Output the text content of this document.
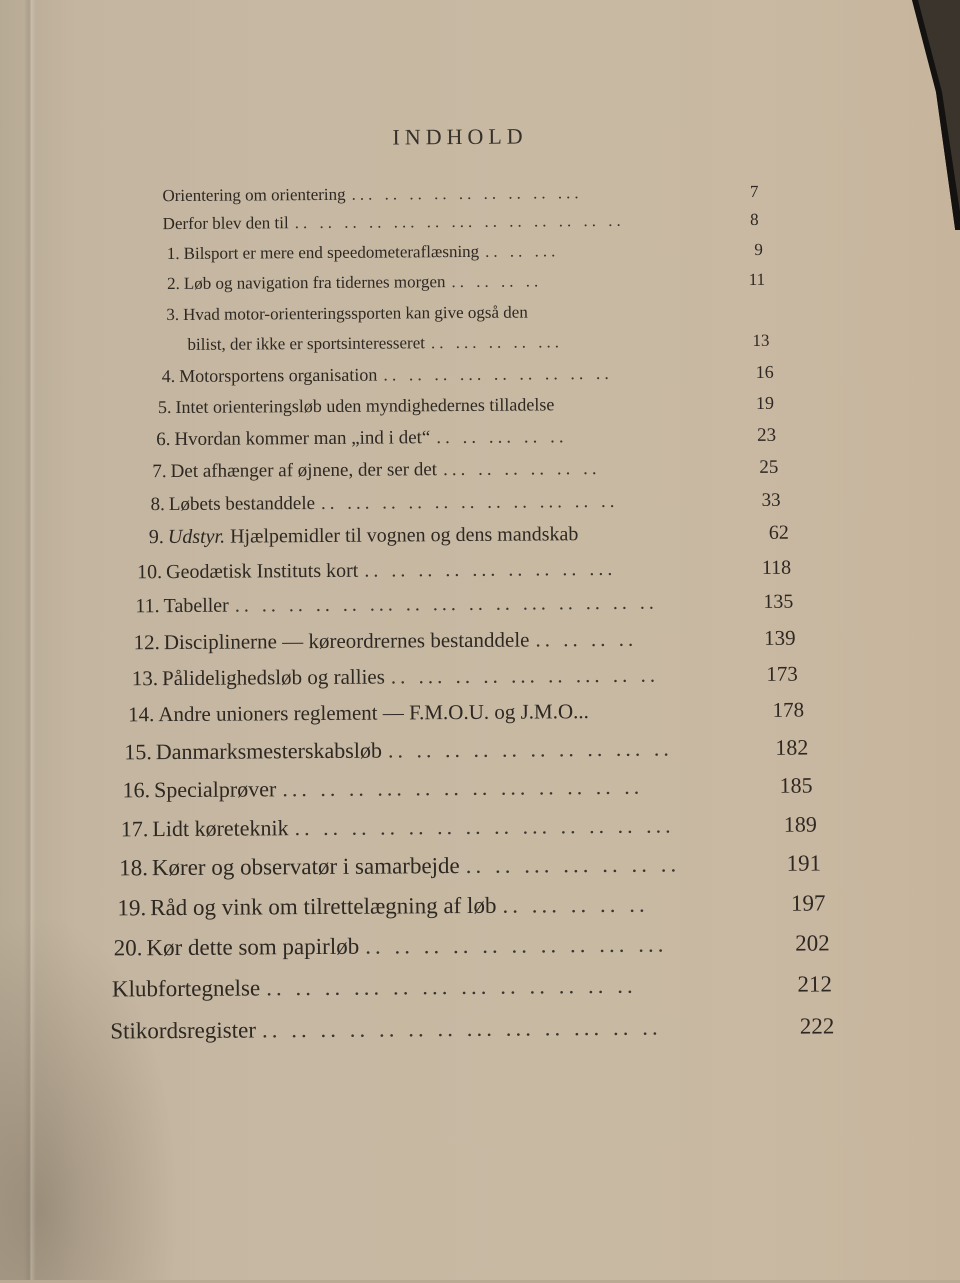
INDHOLD
Orientering om orientering ... .. .. .. .. .. .. .. ...	7
Derfor blev den til .. .. .. .. ... .. ... .. .. .. .. .. ..	8
1. Bilsport er mere end speedometeraflæsning .. .. ...	9
2. Løb og navigation fra tidernes morgen .. .. .. ..	11
3. Hvad motor-orienteringssporten kan give også den
bilist, der ikke er sportsinteresseret .. ... .. .. ...	13
4. Motorsportens organisation .. .. .. ... .. .. .. .. ..	16
5. Intet orienteringsløb uden myndighedernes tilladelse	19
6. Hvordan kommer man „ind i det“ .. .. ... .. ..	23
7. Det afhænger af øjnene, der ser det ... .. .. .. .. ..	25
8. Løbets bestanddele .. ... .. .. .. .. .. .. ... .. ..	33
9. Udstyr. Hjælpemidler til vognen og dens mandskab	62
10. Geodætisk Instituts kort .. .. .. .. ... .. .. .. ...	118
11. Tabeller .. .. .. .. .. ... .. ... .. .. ... .. .. .. ..	135
12. Disciplinerne — køreordrernes bestanddele .. .. .. ..	139
13. Pålidelighedsløb og rallies .. ... .. .. ... .. ... .. ..	173
14. Andre unioners reglement — F.M.O.U. og J.M.O...	178
15. Danmarksmesterskabsløb .. .. .. .. .. .. .. .. ... ..	182
16. Specialprøver ... .. .. ... .. .. .. ... .. .. .. ..	185
17. Lidt køreteknik .. .. .. .. .. .. .. .. ... .. .. .. ...	189
18. Kører og observatør i samarbejde .. .. ... ... .. .. ..	191
19. Råd og vink om tilrettelægning af løb .. ... .. .. ..	197
20. Kør dette som papirløb .. .. .. .. .. .. .. .. ... ...	202
Klubfortegnelse .. .. .. ... .. ... ... .. .. .. .. ..	212
Stikordsregister .. .. .. .. .. .. .. ... ... .. ... .. ..	222
